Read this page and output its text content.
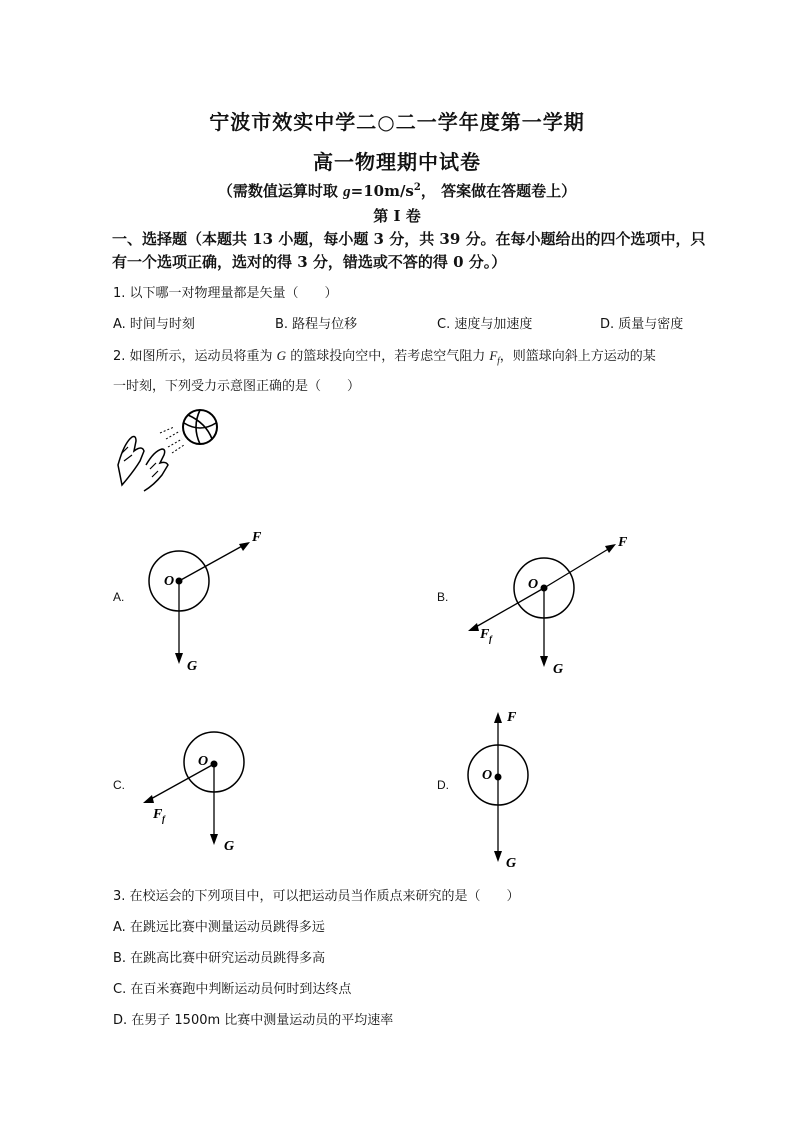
宁波市效实中学二○二一学年度第一学期
高一物理期中试卷
（需数值运算时取 $g=10m/s^2$， 答案做在答题卷上）
第 I 卷
一、选择题（本题共 13 小题，每小题 3 分，共 39 分。在每小题给出的四个选项中，只有一个选项正确，选对的得 3 分，错选或不答的得 0 分。）
1. 以下哪一对物理量都是矢量（　　）
A. 时间与时刻	B. 路程与位移	C. 速度与加速度	D. 质量与密度
2. 如图所示，运动员将重为 G 的篮球投向空中，若考虑空气阻力 $F_f$，则篮球向斜上方运动的某
一时刻，下列受力示意图正确的是（　　）
A.
O
F
G
B.
O
F
F f
G
C.
O
F f
G
D.
O
F
G
3. 在校运会的下列项目中，可以把运动员当作质点来研究的是（　　）
A. 在跳远比赛中测量运动员跳得多远
B. 在跳高比赛中研究运动员跳得多高
C. 在百米赛跑中判断运动员何时到达终点
D. 在男子 1500m 比赛中测量运动员的平均速率
